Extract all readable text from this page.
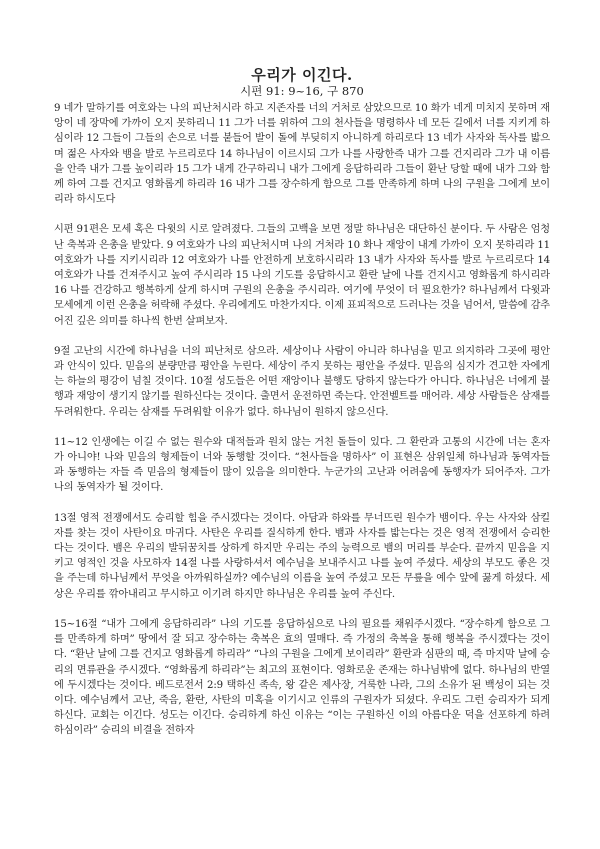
우리가 이긴다.

시편 91: 9~16, 구 870

9 네가 말하기를 여호와는 나의 피난처시라 하고 지존자를 너의 거처로 삼았으므로 10 화가 네게 미치지 못하며 재앙이 네 장막에 가까이 오지 못하리니 11 그가 너를 위하여 그의 천사들을 명령하사 네 모든 길에서 너를 지키게 하심이라 12 그들이 그들의 손으로 너를 붙들어 발이 돌에 부딪히지 아니하게 하리로다 13 네가 사자와 독사를 밟으며 젊은 사자와 뱀을 발로 누르리로다 14 하나님이 이르시되 그가 나를 사랑한즉 내가 그를 건지리라 그가 내 이름을 안즉 내가 그를 높이리라 15 그가 내게 간구하리니 내가 그에게 응답하리라 그들이 환난 당할 때에 내가 그와 함께 하여 그를 건지고 영화롭게 하리라 16 내가 그를 장수하게 함으로 그를 만족하게 하며 나의 구원을 그에게 보이리라 하시도다

시편 91편은 모세 혹은 다윗의 시로 알려졌다. 그들의 고백을 보면 정말 하나님은 대단하신 분이다. 두 사람은 엄청난 축복과 은총을 받았다. 9 여호와가 나의 피난처시며 나의 거처라 10 화나 재앙이 내게 가까이 오지 못하리라 11 여호와가 나를 지키시리라 12 여호와가 나를 안전하게 보호하시리라 13 내가 사자와 독사를 발로 누르리로다 14 여호와가 나를 건져주시고 높여 주시리라 15 나의 기도를 응답하시고 환란 날에 나를 건지시고 영화롭게 하시리라 16 나를 건강하고 행복하게 살게 하시며 구원의 은총을 주시리라. 여기에 무엇이 더 필요한가? 하나님께서 다윗과 모세에게 이런 은총을 허락해 주셨다. 우리에게도 마찬가지다. 이제 표피적으로 드러나는 것을 넘어서, 말씀에 감추어진 깊은 의미를 하나씩 한번 살펴보자.

9절 고난의 시간에 하나님을 너의 피난처로 삼으라. 세상이나 사람이 아니라 하나님을 믿고 의지하라 그곳에 평안과 안식이 있다. 믿음의 분량만큼 평안을 누린다. 세상이 주지 못하는 평안을 주셨다. 믿음의 심지가 견고한 자에게는 하늘의 평강이 넘칠 것이다. 10절 성도들은 어떤 재앙이나 불행도 당하지 않는다가 아니다. 하나님은 너에게 불행과 재앙이 생기지 않기를 원하신다는 것이다. 출면서 운전하면 죽는다. 안전벨트를 매어라. 세상 사람들은 삼재를 두려워한다. 우리는 삼재를 두려워할 이유가 없다. 하나님이 원하지 않으신다.

11~12 인생에는 이길 수 없는 원수와 대적들과 원치 않는 거친 돌들이 있다. 그 환란과 고통의 시간에 너는 혼자가 아니야! 나와 믿음의 형제들이 너와 동행할 것이다. “천사들을 명하사” 이 표현은 삼위일체 하나님과 동역자들과 동행하는 자들 즉 믿음의 형제들이 많이 있음을 의미한다. 누군가의 고난과 어려움에 동행자가 되어주자. 그가 나의 동역자가 될 것이다.

13절 영적 전쟁에서도 승리할 힘을 주시겠다는 것이다. 아담과 하와를 무너뜨린 원수가 뱀이다. 우는 사자와 삼킬 자를 찾는 것이 사탄이요 마귀다. 사탄은 우리를 질식하게 한다. 뱀과 사자를 밟는다는 것은 영적 전쟁에서 승리한다는 것이다. 뱀은 우리의 발뒤꿈치를 상하게 하지만 우리는 주의 능력으로 뱀의 머리를 부순다. 끝까지 믿음을 지키고 영적인 것을 사모하자 14절 나를 사랑하셔서 예수님을 보내주시고 나를 높여 주셨다. 세상의 부모도 좋은 것을 주는데 하나님께서 무엇을 아까워하실까? 예수님의 이름을 높여 주셨고 모든 무릎을 예수 앞에 꿇게 하셨다. 세상은 우리를 깎아내리고 무시하고 이기려 하지만 하나님은 우리를 높여 주신다.

15~16절 “내가 그에게 응답하리라” 나의 기도를 응답하심으로 나의 필요를 채워주시겠다. “장수하게 함으로 그를 만족하게 하며” 땅에서 잘 되고 장수하는 축복은 효의 열매다. 즉 가정의 축복을 통해 행복을 주시겠다는 것이다. “환난 날에 그를 건지고 영화롭게 하리라” “나의 구원을 그에게 보이리라” 환란과 심판의 때, 즉 마지막 날에 승리의 면류관을 주시겠다. “영화롭게 하리라”는 최고의 표현이다. 영화로운 존재는 하나님밖에 없다. 하나님의 반열에 두시겠다는 것이다. 베드로전서 2:9 택하신 족속, 왕 같은 제사장, 거룩한 나라, 그의 소유가 된 백성이 되는 것이다. 예수님께서 고난, 죽음, 환란, 사탄의 미혹을 이기시고 인류의 구원자가 되셨다. 우리도 그런 승리자가 되게 하신다. 교회는 이긴다. 성도는 이긴다. 승리하게 하신 이유는 “이는 구원하신 이의 아름다운 덕을 선포하게 하려 하심이라” 승리의 비결을 전하자
